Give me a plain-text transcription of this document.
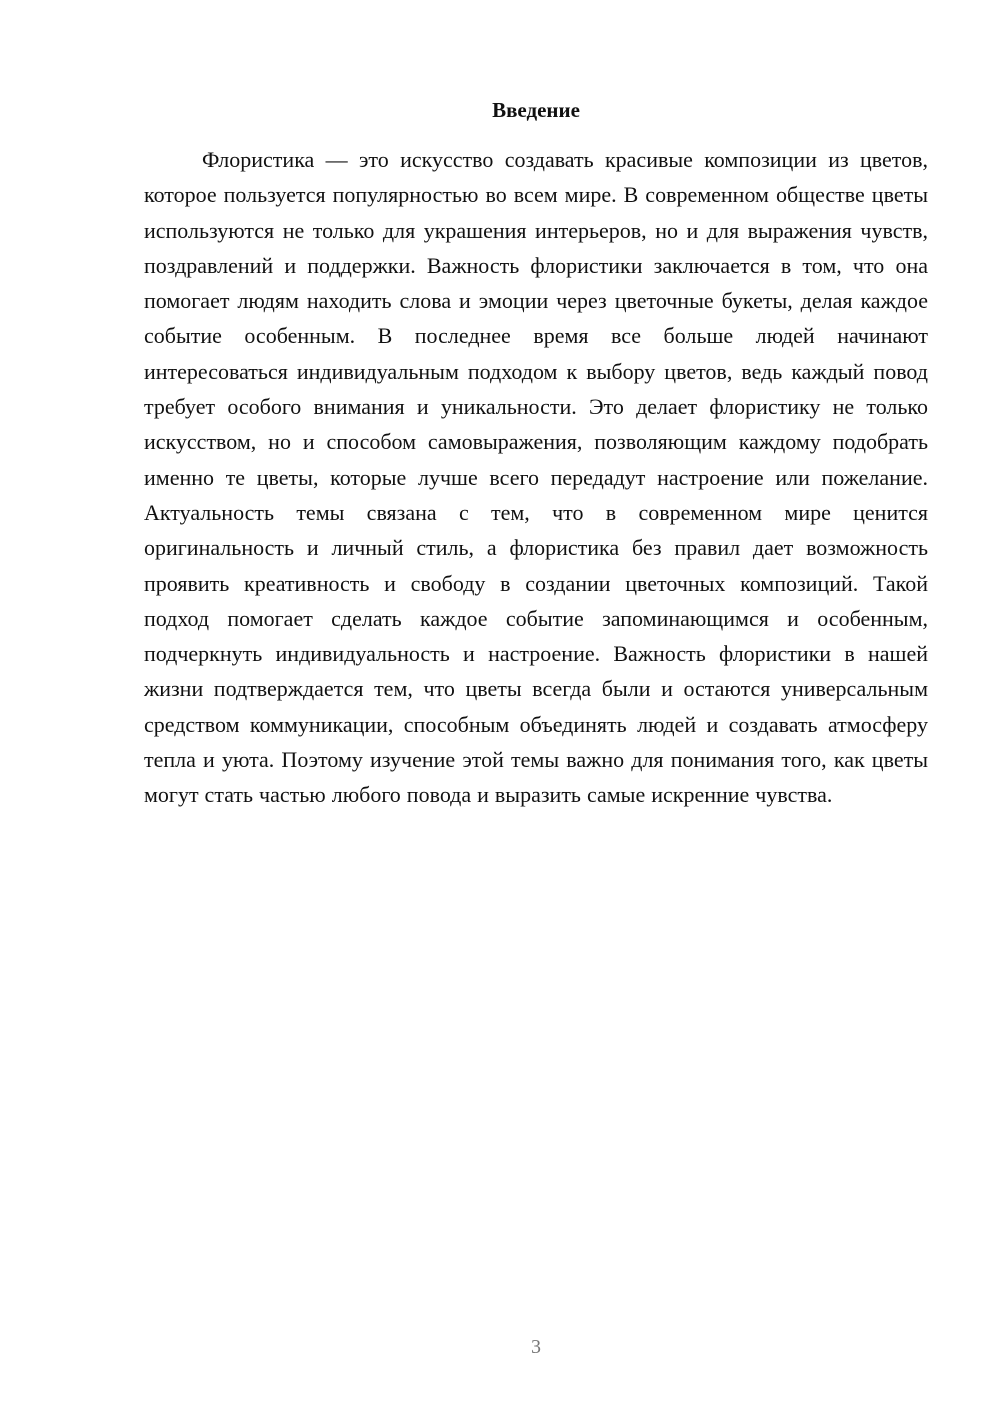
Введение

Флористика — это искусство создавать красивые композиции из цветов, которое пользуется популярностью во всем мире. В современном обществе цветы используются не только для украшения интерьеров, но и для выражения чувств, поздравлений и поддержки. Важность флористики заключается в том, что она помогает людям находить слова и эмоции через цветочные букеты, делая каждое событие особенным. В последнее время все больше людей начинают интересоваться индивидуальным подходом к выбору цветов, ведь каждый повод требует особого внимания и уникальности. Это делает флористику не только искусством, но и способом самовыражения, позволяющим каждому подобрать именно те цветы, которые лучше всего передадут настроение или пожелание. Актуальность темы связана с тем, что в современном мире ценится оригинальность и личный стиль, а флористика без правил дает возможность проявить креативность и свободу в создании цветочных композиций. Такой подход помогает сделать каждое событие запоминающимся и особенным, подчеркнуть индивидуальность и настроение. Важность флористики в нашей жизни подтверждается тем, что цветы всегда были и остаются универсальным средством коммуникации, способным объединять людей и создавать атмосферу тепла и уюта. Поэтому изучение этой темы важно для понимания того, как цветы могут стать частью любого повода и выразить самые искренние чувства.

3
